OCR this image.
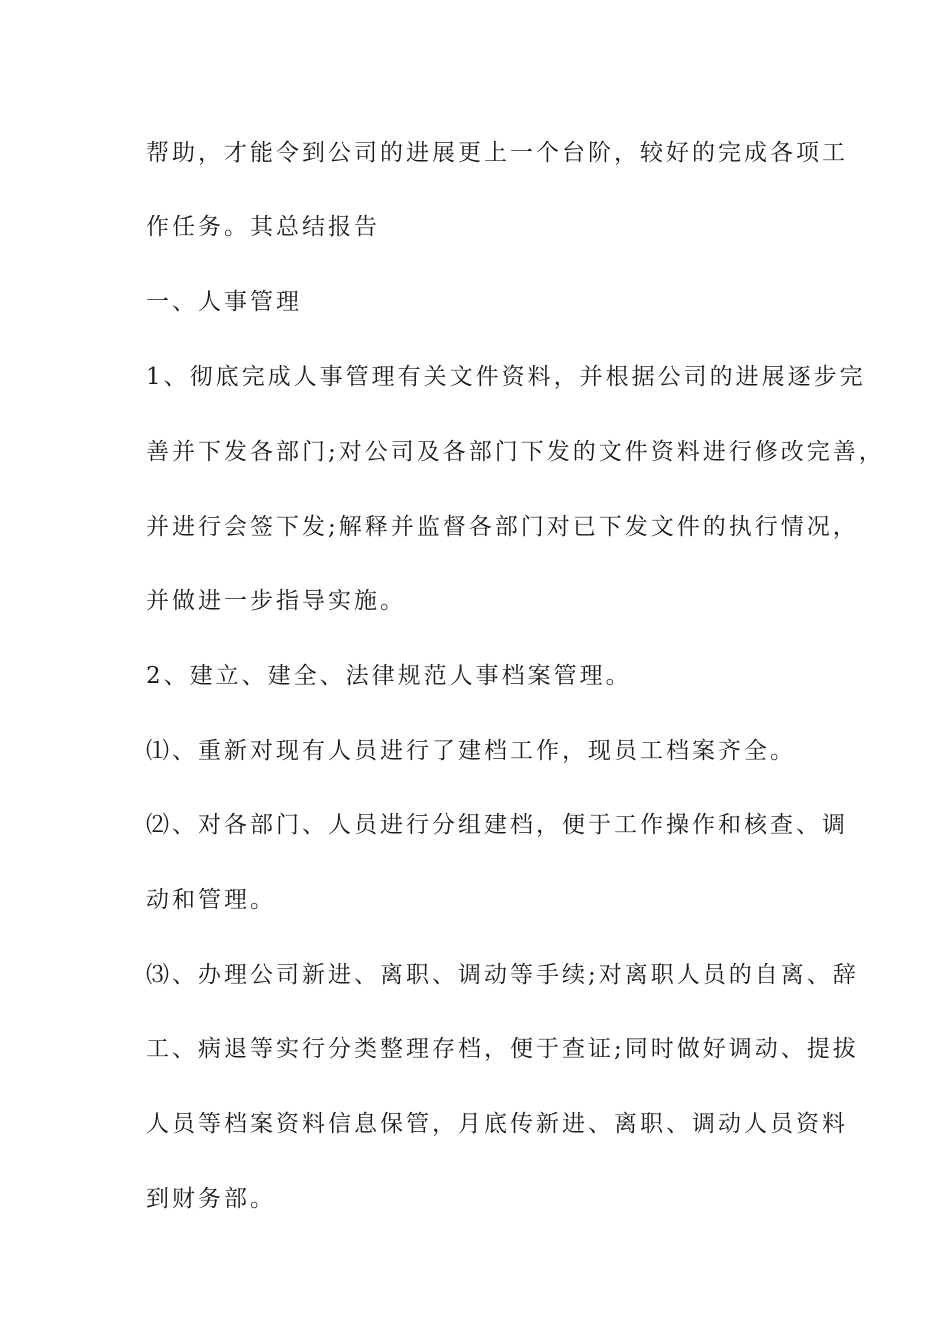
帮助，才能令到公司的进展更上一个台阶，较好的完成各项工
作任务。其总结报告
一、人事管理
1、彻底完成人事管理有关文件资料，并根据公司的进展逐步完
善并下发各部门;对公司及各部门下发的文件资料进行修改完善，
并进行会签下发;解释并监督各部门对已下发文件的执行情况，
并做进一步指导实施。
2、建立、建全、法律规范人事档案管理。
⑴、重新对现有人员进行了建档工作，现员工档案齐全。
⑵、对各部门、人员进行分组建档，便于工作操作和核查、调
动和管理。
⑶、办理公司新进、离职、调动等手续;对离职人员的自离、辞
工、病退等实行分类整理存档，便于查证;同时做好调动、提拔
人员等档案资料信息保管，月底传新进、离职、调动人员资料
到财务部。
